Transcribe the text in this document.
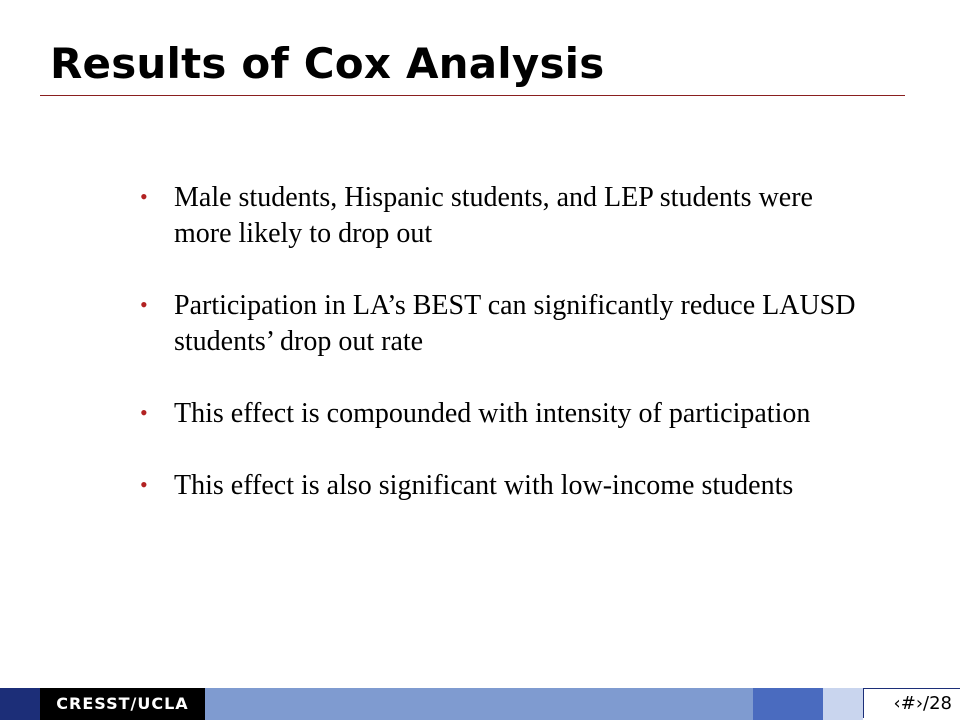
Results of Cox Analysis
• Male students, Hispanic students, and LEP students were more likely to drop out
• Participation in LA’s BEST can significantly reduce LAUSD students’ drop out rate
• This effect is compounded with intensity of participation
• This effect is also significant with low-income students
CRESST/UCLA	‹#›/28
